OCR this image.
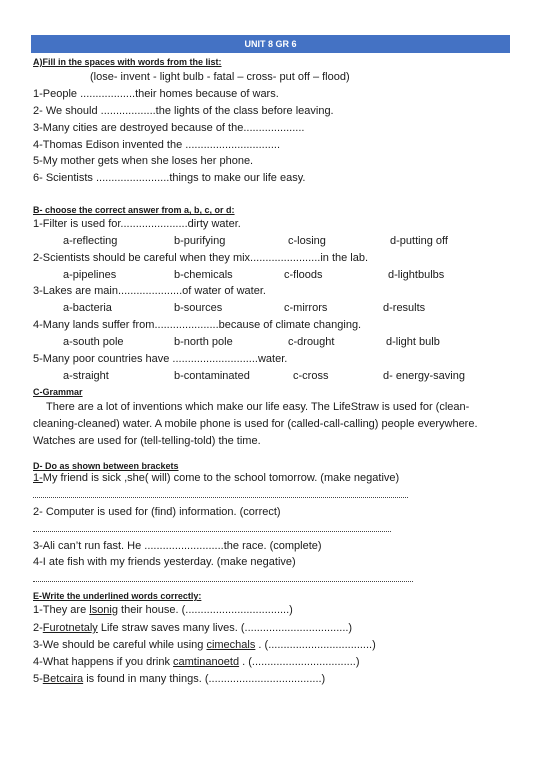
UNIT 8 GR 6
A)Fill in the spaces with words from the list:
(lose- invent - light bulb - fatal – cross- put off – flood)
1-People ..................their homes because of wars.
2- We should ..................the lights of the class before leaving.
3-Many cities are destroyed because of the....................
4-Thomas Edison invented the ...............................
5-My mother gets when she loses her phone.
6- Scientists ........................things to make our life easy.
B- choose the correct answer from a, b, c, or d:
1-Filter is used for......................dirty water.
a-reflecting	b-purifying	c-losing	d-putting off
2-Scientists should be careful when they mix.......................in the lab.
a-pipelines	b-chemicals	c-floods	d-lightbulbs
3-Lakes are main.....................of water of water.
a-bacteria	b-sources	c-mirrors	d-results
4-Many lands suffer from.....................because of climate changing.
a-south pole	b-north pole	c-drought	d-light bulb
5-Many poor countries have ............................water.
a-straight	b-contaminated	c-cross	d- energy-saving
C-Grammar
There are a lot of inventions which make our life easy. The LifeStraw is used for (clean-
cleaning-cleaned) water. A mobile phone is used for (called-call-calling) people everywhere.
Watches are used for (tell-telling-told) the time.
D- Do as shown between brackets
1-My friend is sick ,she( will) come to the school tomorrow. (make negative)
2- Computer is used for (find) information. (correct)
3-Ali can’t run fast. He ..........................the race. (complete)
4-I ate fish with my friends yesterday. (make negative)
E-Write the underlined words correctly:
1-They are lsonig their house. (..................................)
2-Furotnetaly Life straw saves many lives. (..................................)
3-We should be careful while using cimechals . (..................................)
4-What happens if you drink camtinanoetd . (..................................)
5-Betcaira is found in many things. (.....................................)
